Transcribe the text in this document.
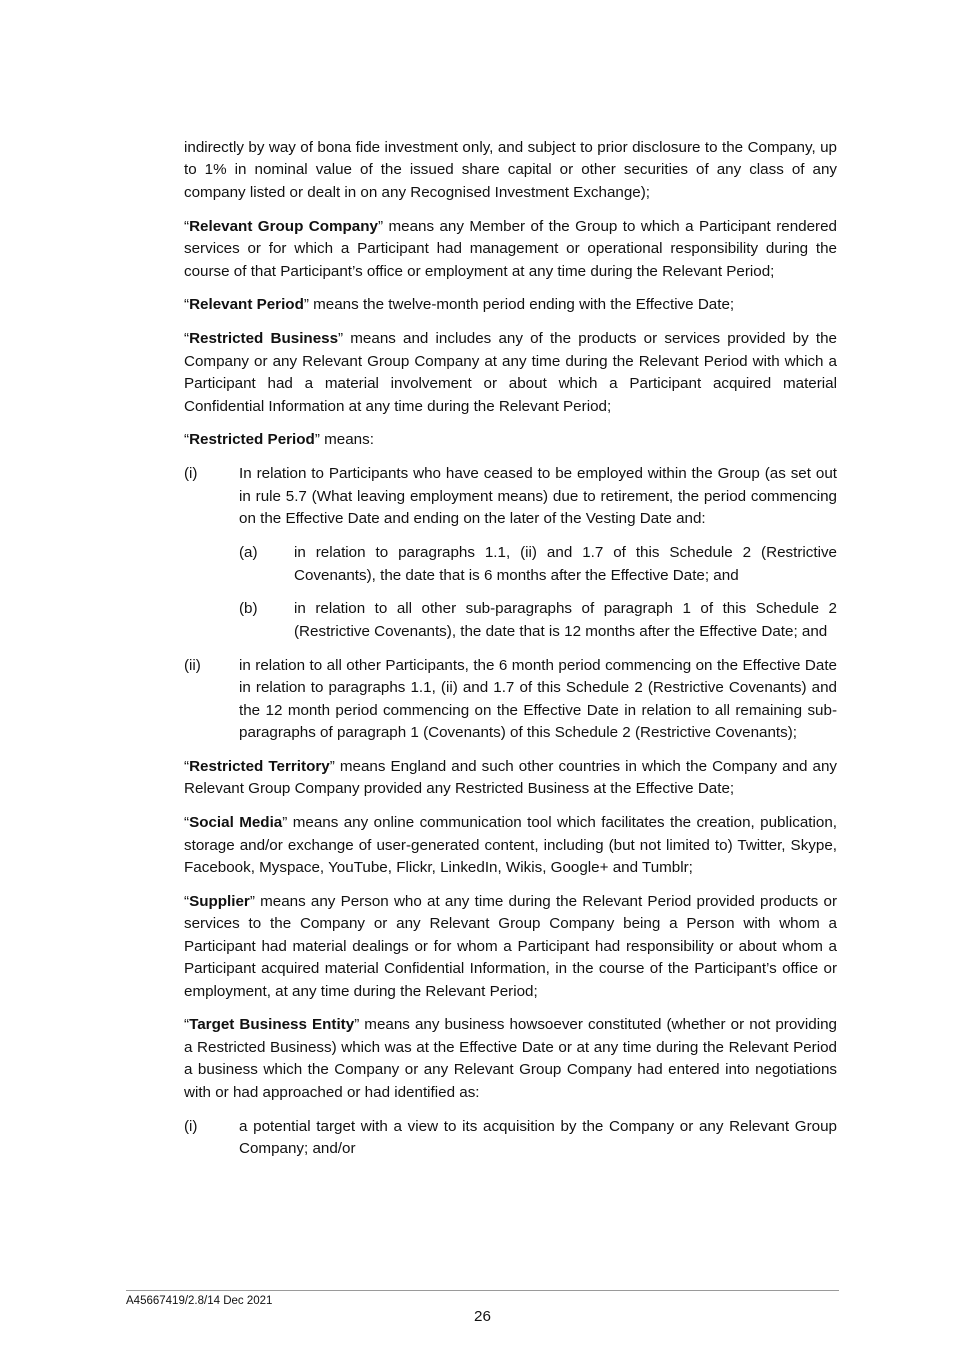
indirectly by way of bona fide investment only, and subject to prior disclosure to the Company, up to 1% in nominal value of the issued share capital or other securities of any class of any company listed or dealt in on any Recognised Investment Exchange);

“Relevant Group Company” means any Member of the Group to which a Participant rendered services or for which a Participant had management or operational responsibility during the course of that Participant’s office or employment at any time during the Relevant Period;

“Relevant Period” means the twelve-month period ending with the Effective Date;

“Restricted Business” means and includes any of the products or services provided by the Company or any Relevant Group Company at any time during the Relevant Period with which a Participant had a material involvement or about which a Participant acquired material Confidential Information at any time during the Relevant Period;

“Restricted Period” means:

(i)	In relation to Participants who have ceased to be employed within the Group (as set out in rule 5.7 (What leaving employment means) due to retirement, the period commencing on the Effective Date and ending on the later of the Vesting Date and:
(a) in relation to paragraphs 1.1, (ii) and 1.7 of this Schedule 2 (Restrictive Covenants), the date that is 6 months after the Effective Date; and
(b) in relation to all other sub-paragraphs of paragraph 1 of this Schedule 2 (Restrictive Covenants), the date that is 12 months after the Effective Date; and
(ii)	in relation to all other Participants, the 6 month period commencing on the Effective Date in relation to paragraphs 1.1, (ii) and 1.7 of this Schedule 2 (Restrictive Covenants) and the 12 month period commencing on the Effective Date in relation to all remaining sub-paragraphs of paragraph 1 (Covenants) of this Schedule 2 (Restrictive Covenants);

“Restricted Territory” means England and such other countries in which the Company and any Relevant Group Company provided any Restricted Business at the Effective Date;

“Social Media” means any online communication tool which facilitates the creation, publication, storage and/or exchange of user-generated content, including (but not limited to) Twitter, Skype, Facebook, Myspace, YouTube, Flickr, LinkedIn, Wikis, Google+ and Tumblr;

“Supplier” means any Person who at any time during the Relevant Period provided products or services to the Company or any Relevant Group Company being a Person with whom a Participant had material dealings or for whom a Participant had responsibility or about whom a Participant acquired material Confidential Information, in the course of the Participant’s office or employment, at any time during the Relevant Period;

“Target Business Entity” means any business howsoever constituted (whether or not providing a Restricted Business) which was at the Effective Date or at any time during the Relevant Period a business which the Company or any Relevant Group Company had entered into negotiations with or had approached or had identified as:

(i)	a potential target with a view to its acquisition by the Company or any Relevant Group Company; and/or
A45667419/2.8/14 Dec 2021
26
